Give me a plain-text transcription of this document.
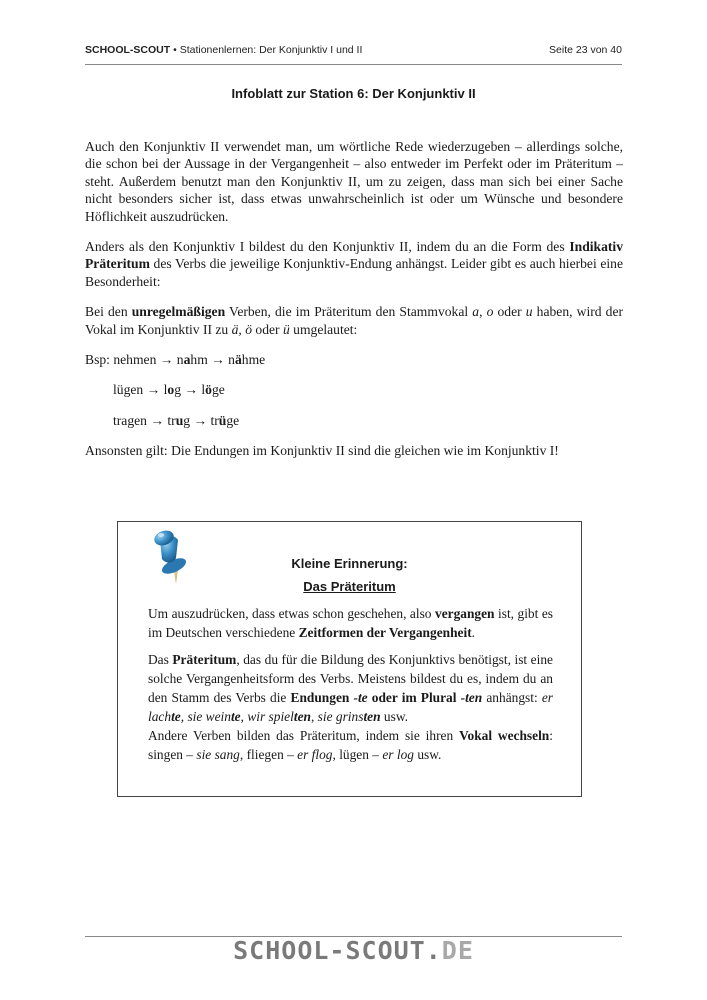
SCHOOL-SCOUT • Stationenlernen: Der Konjunktiv I und II	Seite 23 von 40
Infoblatt zur Station 6: Der Konjunktiv II

Auch den Konjunktiv II verwendet man, um wörtliche Rede wiederzugeben – allerdings solche, die schon bei der Aussage in der Vergangenheit – also entweder im Perfekt oder im Präteritum – steht. Außerdem benutzt man den Konjunktiv II, um zu zeigen, dass man sich bei einer Sache nicht besonders sicher ist, dass etwas unwahrscheinlich ist oder um Wünsche und besondere Höflichkeit auszudrücken.

Anders als den Konjunktiv I bildest du den Konjunktiv II, indem du an die Form des Indikativ Präteritum des Verbs die jeweilige Konjunktiv-Endung anhängst. Leider gibt es auch hierbei eine Besonderheit:

Bei den unregelmäßigen Verben, die im Präteritum den Stammvokal a, o oder u haben, wird der Vokal im Konjunktiv II zu ä, ö oder ü umgelautet:

Bsp: nehmen → nahm → nähme
lügen → log → löge
tragen → trug → trüge

Ansonsten gilt: Die Endungen im Konjunktiv II sind die gleichen wie im Konjunktiv I!

Kleine Erinnerung:
Das Präteritum

Um auszudrücken, dass etwas schon geschehen, also vergangen ist, gibt es im Deutschen verschiedene Zeitformen der Vergangenheit.

Das Präteritum, das du für die Bildung des Konjunktivs benötigst, ist eine solche Vergangenheitsform des Verbs. Meistens bildest du es, indem du an den Stamm des Verbs die Endungen -te oder im Plural -ten anhängst: er lachte, sie weinte, wir spielten, sie grinsten usw.
Andere Verben bilden das Präteritum, indem sie ihren Vokal wechseln: singen – sie sang, fliegen – er flog, lügen – er log usw.

SCHOOL-SCOUT.DE
